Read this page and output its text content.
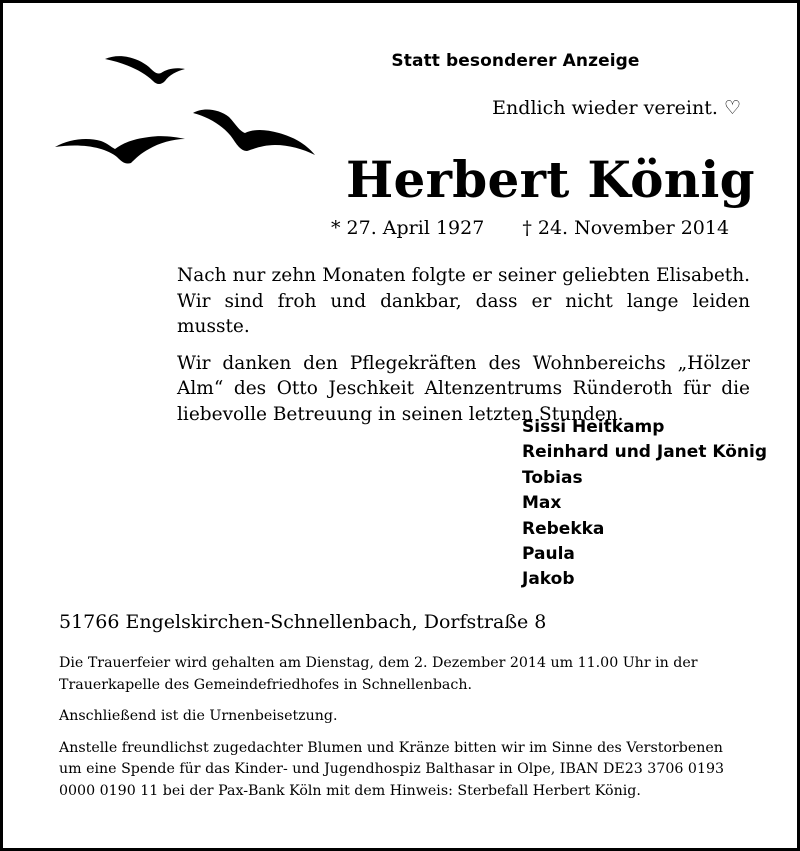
Statt besonderer Anzeige
Endlich wieder vereint. ♡
Herbert König
* 27. April 1927 † 24. November 2014

Nach nur zehn Monaten folgte er seiner geliebten Elisabeth. Wir sind froh und dankbar, dass er nicht lange leiden musste.

Wir danken den Pflegekräften des Wohnbereichs „Hölzer Alm“ des Otto Jeschkeit Altenzentrums Ründeroth für die liebevolle Betreuung in seinen letzten Stunden.

Sissi Heitkamp
Reinhard und Janet König
Tobias
Max
Rebekka
Paula
Jakob
51766 Engelskirchen-Schnellenbach, Dorfstraße 8

Die Trauerfeier wird gehalten am Dienstag, dem 2. Dezember 2014 um 11.00 Uhr in der Trauerkapelle des Gemeindefriedhofes in Schnellenbach.

Anschließend ist die Urnenbeisetzung.

Anstelle freundlichst zugedachter Blumen und Kränze bitten wir im Sinne des Verstorbenen um eine Spende für das Kinder- und Jugendhospiz Balthasar in Olpe, IBAN DE23 3706 0193 0000 0190 11 bei der Pax-Bank Köln mit dem Hinweis: Sterbefall Herbert König.
